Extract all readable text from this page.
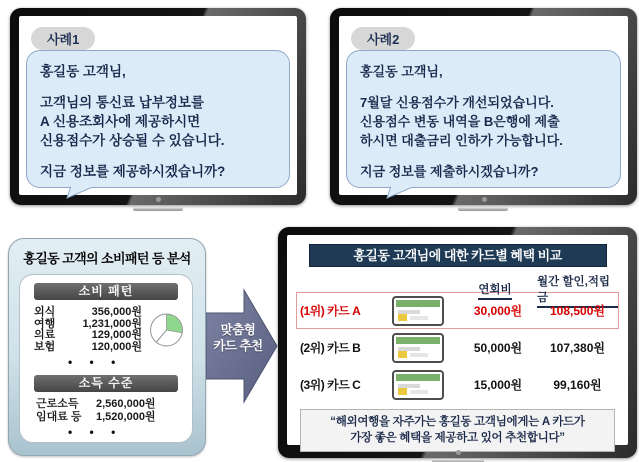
사례1

홍길동 고객님,

고객님의 통신료 납부정보를

A 신용조회사에 제공하시면

신용점수가 상승될 수 있습니다.

지금 정보를 제공하시겠습니까?

사례2

홍길동 고객님,

7월달 신용점수가 개선되었습니다.

신용점수 변동 내역을 B은행에 제출

하시면 대출금리 인하가 가능합니다.

지금 정보를 제출하시겠습니까?

홍길동 고객의 소비패턴 등 분석
소비 패턴
외식	356,000원
여행	1,231,000원
의료	129,000원
보험	120,000원
• • •
소득 수준
근로소득	2,560,000원
임대료 등	1,520,000원
• • •
맞춤형
카드 추천
홍길동 고객님에 대한 카드별 혜택 비교
연회비
월간 할인,적립금
(1위) 카드 A	30,000원 108,500원
(2위) 카드 B	50,000원 107,380원
(3위) 카드 C	15,000원	99,160원
“해외여행을 자주가는 홍길동 고객님에게는 A 카드가
가장 좋은 혜택을 제공하고 있어 추천합니다”
